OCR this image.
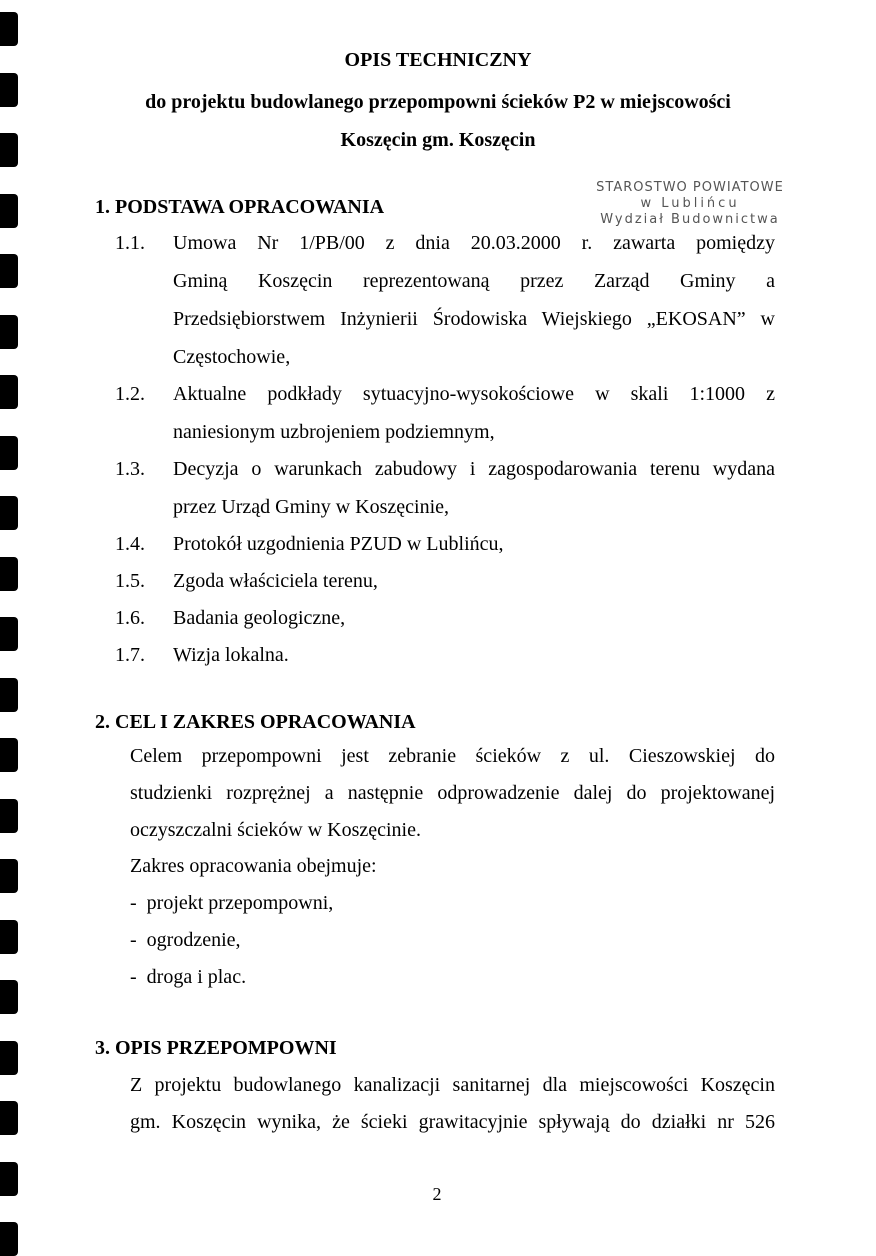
OPIS TECHNICZNY
do projektu budowlanego przepompowni ścieków P2 w miejscowości
Koszęcin gm. Koszęcin
STAROSTWO POWIATOWE
w Lublińcu
Wydział Budownictwa
1. PODSTAWA OPRACOWANIA
1.1. Umowa Nr 1/PB/00 z dnia 20.03.2000 r. zawarta pomiędzy
Gminą Koszęcin reprezentowaną przez Zarząd Gminy a
Przedsiębiorstwem Inżynierii Środowiska Wiejskiego „EKOSAN” w
Częstochowie,
1.2. Aktualne podkłady sytuacyjno-wysokościowe w skali 1:1000 z
naniesionym uzbrojeniem podziemnym,
1.3. Decyzja o warunkach zabudowy i zagospodarowania terenu wydana
przez Urząd Gminy w Koszęcinie,
1.4. Protokół uzgodnienia PZUD w Lublińcu,
1.5. Zgoda właściciela terenu,
1.6. Badania geologiczne,
1.7. Wizja lokalna.
2. CEL I ZAKRES OPRACOWANIA
Celem przepompowni jest zebranie ścieków z ul. Cieszowskiej do
studzienki rozprężnej a następnie odprowadzenie dalej do projektowanej
oczyszczalni ścieków w Koszęcinie.
Zakres opracowania obejmuje:
-  projekt przepompowni,
-  ogrodzenie,
-  droga i plac.
3. OPIS PRZEPOMPOWNI
Z projektu budowlanego kanalizacji sanitarnej dla miejscowości Koszęcin
gm. Koszęcin wynika, że ścieki grawitacyjnie spływają do działki nr 526
2
